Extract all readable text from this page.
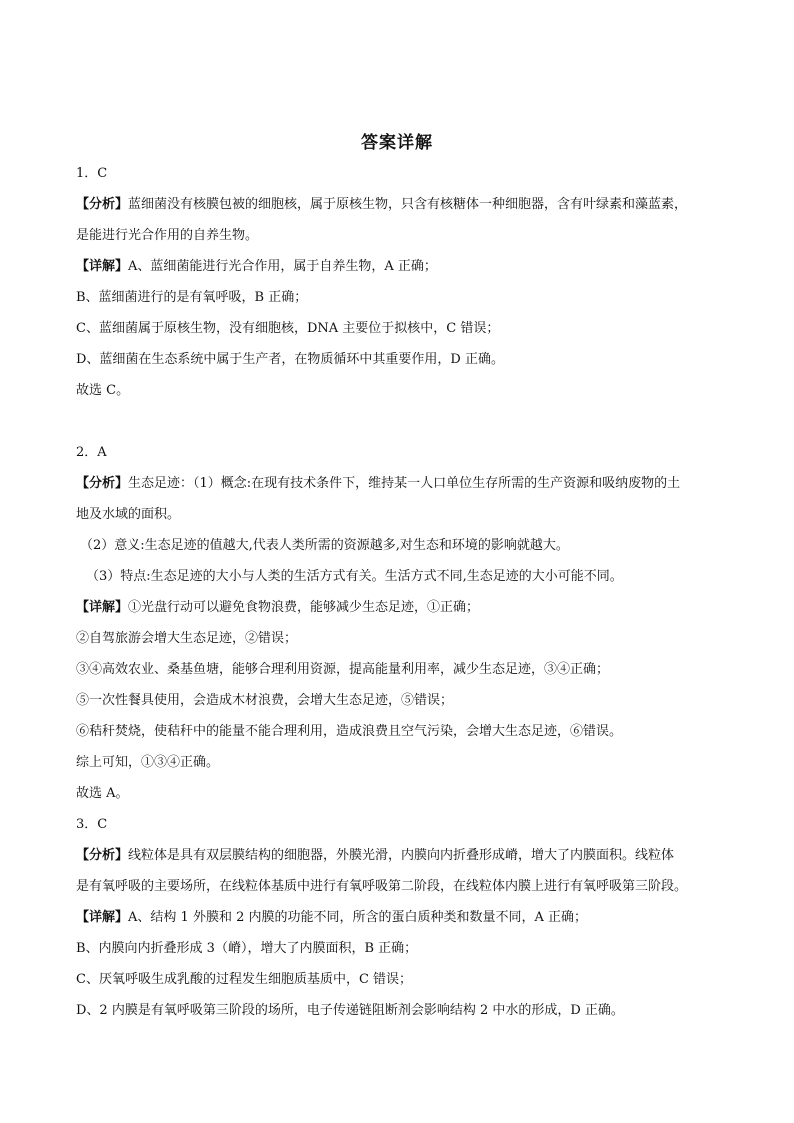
答案详解
1．C
【分析】蓝细菌没有核膜包被的细胞核，属于原核生物，只含有核糖体一种细胞器，含有叶绿素和藻蓝素，
是能进行光合作用的自养生物。
【详解】A、蓝细菌能进行光合作用，属于自养生物，A 正确；
B、蓝细菌进行的是有氧呼吸，B 正确；
C、蓝细菌属于原核生物，没有细胞核，DNA 主要位于拟核中，C 错误；
D、蓝细菌在生态系统中属于生产者，在物质循环中其重要作用，D 正确。
故选 C。
2．A
【分析】生态足迹：（1）概念:在现有技术条件下，维持某一人口单位生存所需的生产资源和吸纳废物的土
地及水域的面积。
（2）意义:生态足迹的值越大,代表人类所需的资源越多,对生态和环境的影响就越大。
（3）特点:生态足迹的大小与人类的生活方式有关。生活方式不同,生态足迹的大小可能不同。
【详解】①光盘行动可以避免食物浪费，能够减少生态足迹，①正确；
②自驾旅游会增大生态足迹，②错误；
③④高效农业、桑基鱼塘，能够合理利用资源，提高能量利用率，减少生态足迹，③④正确；
⑤一次性餐具使用，会造成木材浪费，会增大生态足迹，⑤错误；
⑥秸秆焚烧，使秸秆中的能量不能合理利用，造成浪费且空气污染，会增大生态足迹，⑥错误。
综上可知，①③④正确。
故选 A。
3．C
【分析】线粒体是具有双层膜结构的细胞器，外膜光滑，内膜向内折叠形成嵴，增大了内膜面积。线粒体
是有氧呼吸的主要场所，在线粒体基质中进行有氧呼吸第二阶段，在线粒体内膜上进行有氧呼吸第三阶段。
【详解】A、结构 1 外膜和 2 内膜的功能不同，所含的蛋白质种类和数量不同，A 正确；
B、内膜向内折叠形成 3（嵴），增大了内膜面积，B 正确；
C、厌氧呼吸生成乳酸的过程发生细胞质基质中，C 错误；
D、2 内膜是有氧呼吸第三阶段的场所，电子传递链阻断剂会影响结构 2 中水的形成，D 正确。
